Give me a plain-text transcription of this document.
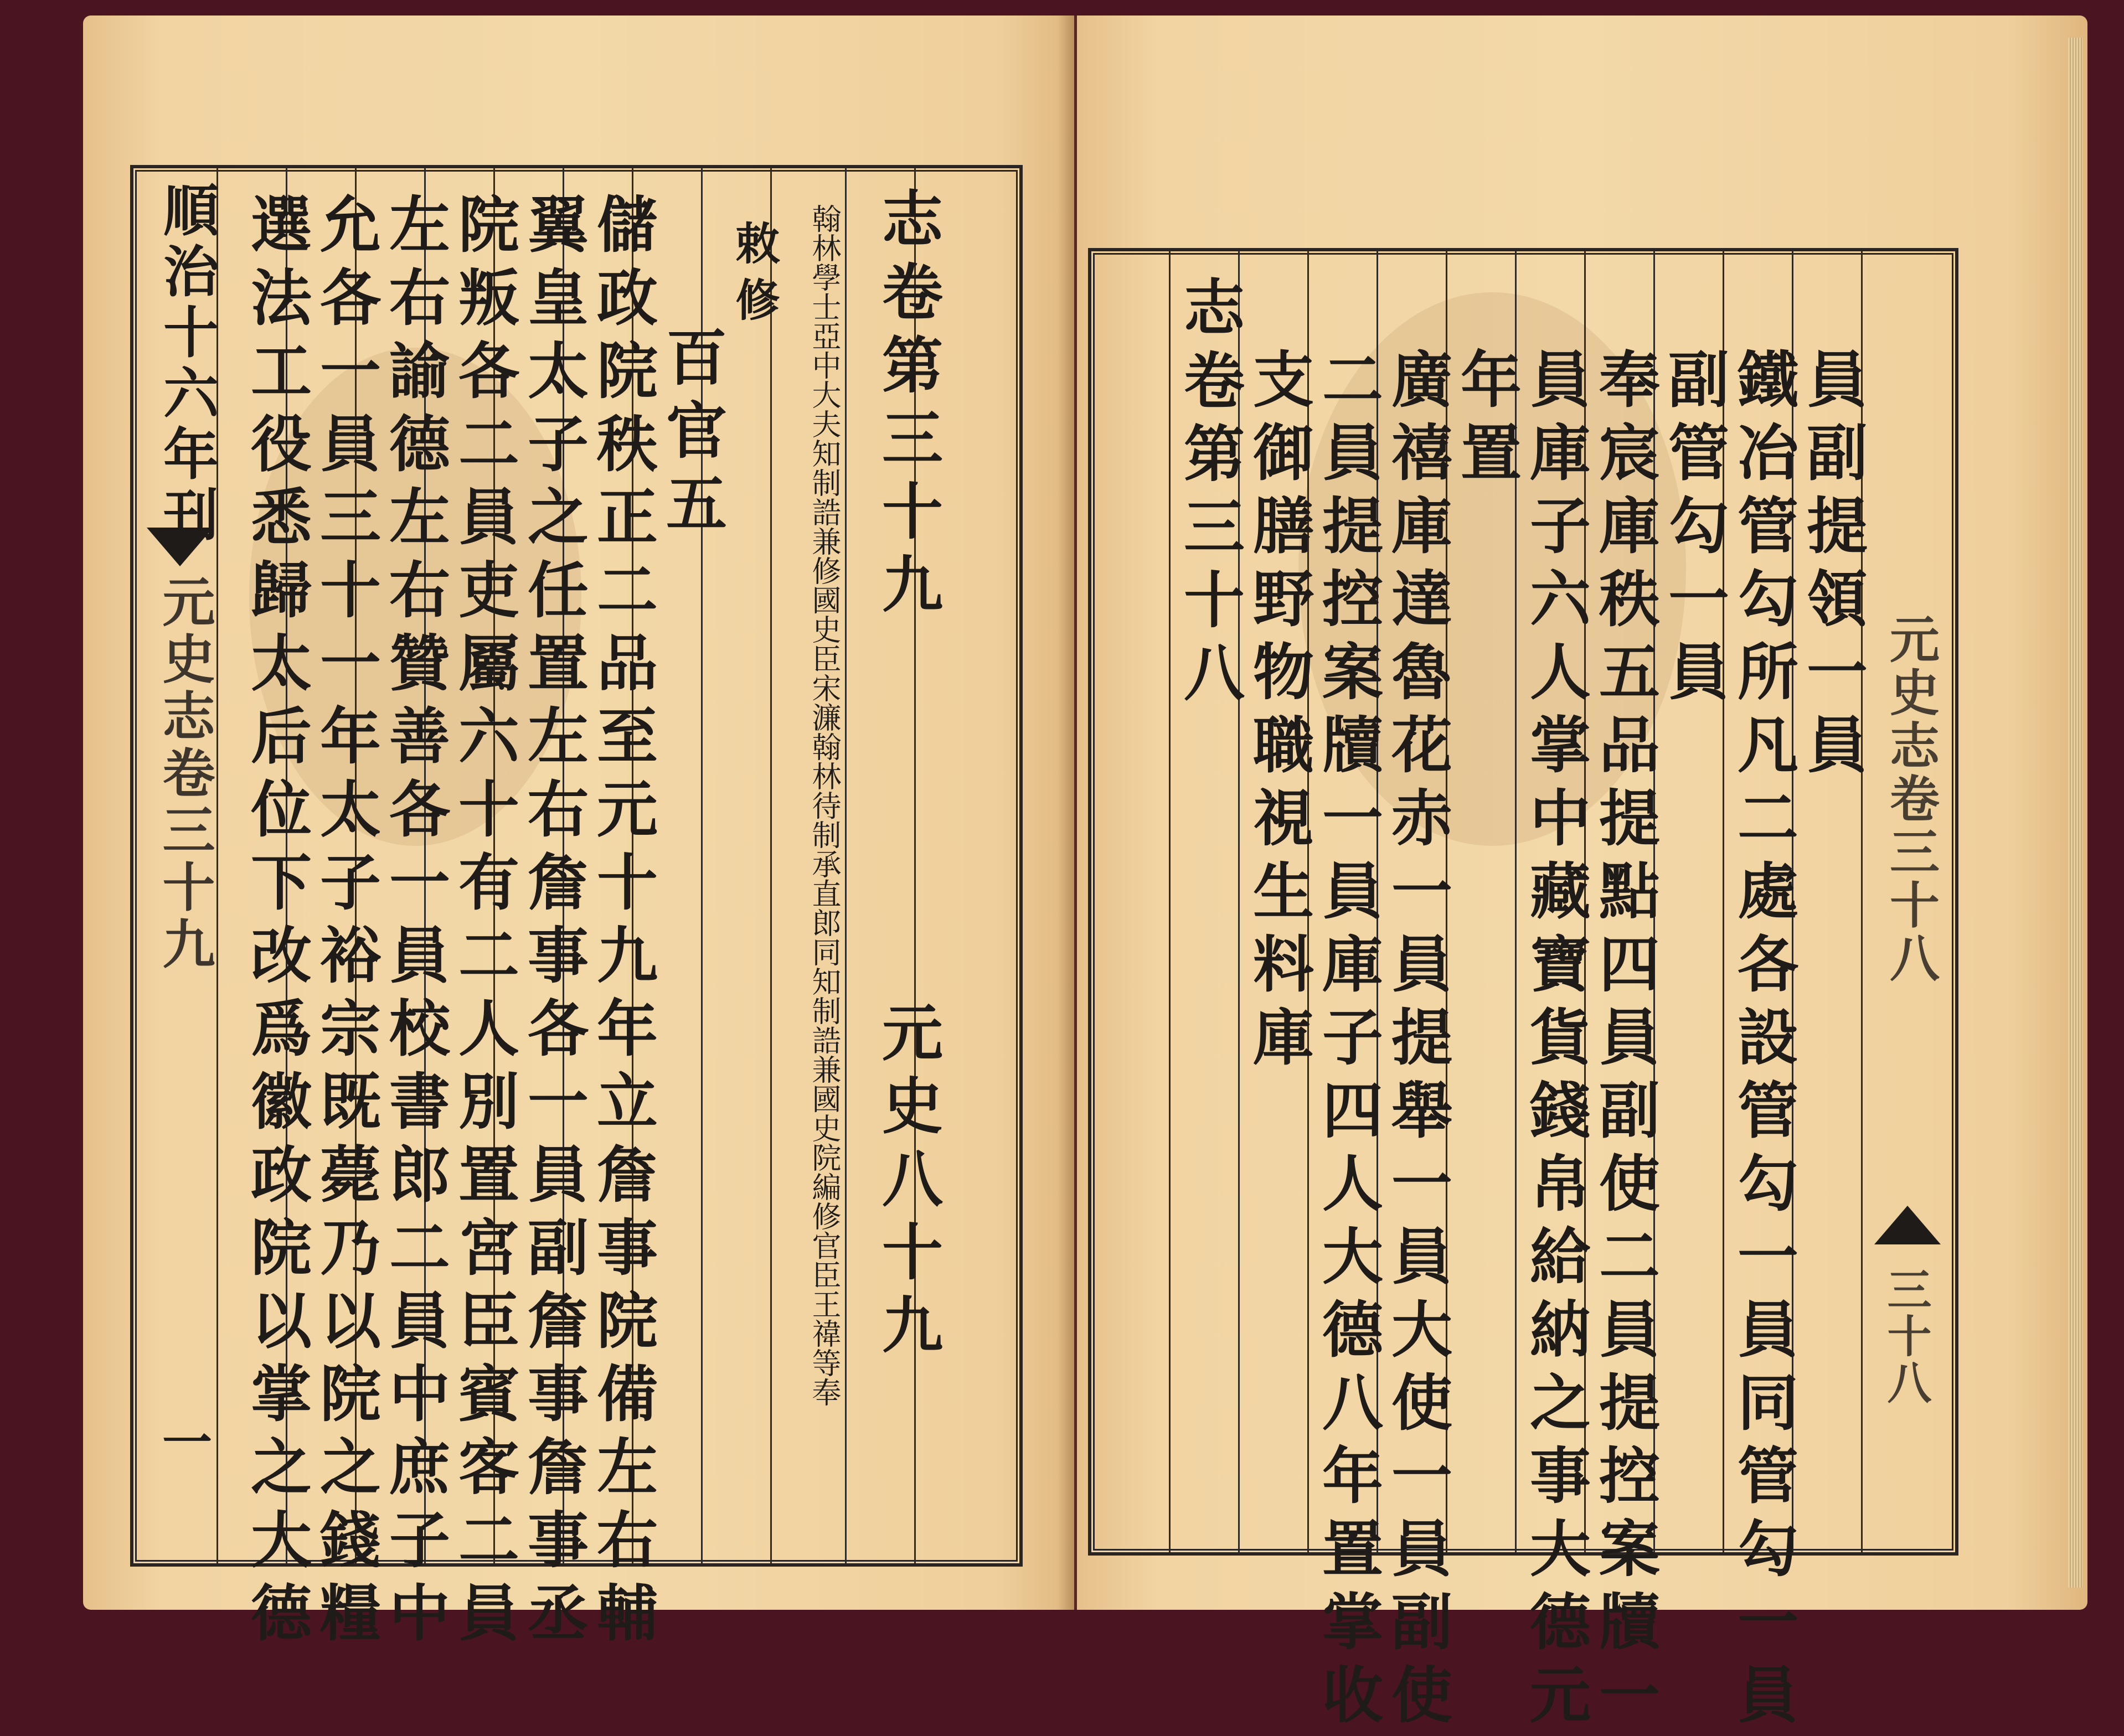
順治十六年刊
元史志卷三十九
一 選法工役悉歸太后位下改爲徽政院以掌之大德
允各一員三十一年太子裕宗既薨乃以院之錢糧
左右諭德左右贊善各一員校書郎二員中庶子中
院叛各二員吏屬六十有二人別置宮臣賓客二員
翼皇太子之任置左右詹事各一員副詹事詹事丞
儲政院秩正二品至元十九年立詹事院備左右輔
百官五
敕修 翰林學士亞中大夫知制誥兼修國史臣宋濂翰林待制承直郎同知制誥兼國史院編修官臣王禕等奉 志卷第三十九
元史八十九
志卷第三十八
支御膳野物職視生料庫
二員提控案牘一員庫子四人大德八年置掌收
廣禧庫達魯花赤一員提舉一員大使一員副使
年置
員庫子六人掌中藏寶貨錢帛給納之事大德元
奉宸庫秩五品提點四員副使二員提控案牘一
副管勾一員
鐵冶管勾所凡二處各設管勾一員同管勾一員
員副提領一員
元史志卷三十八
三十八
